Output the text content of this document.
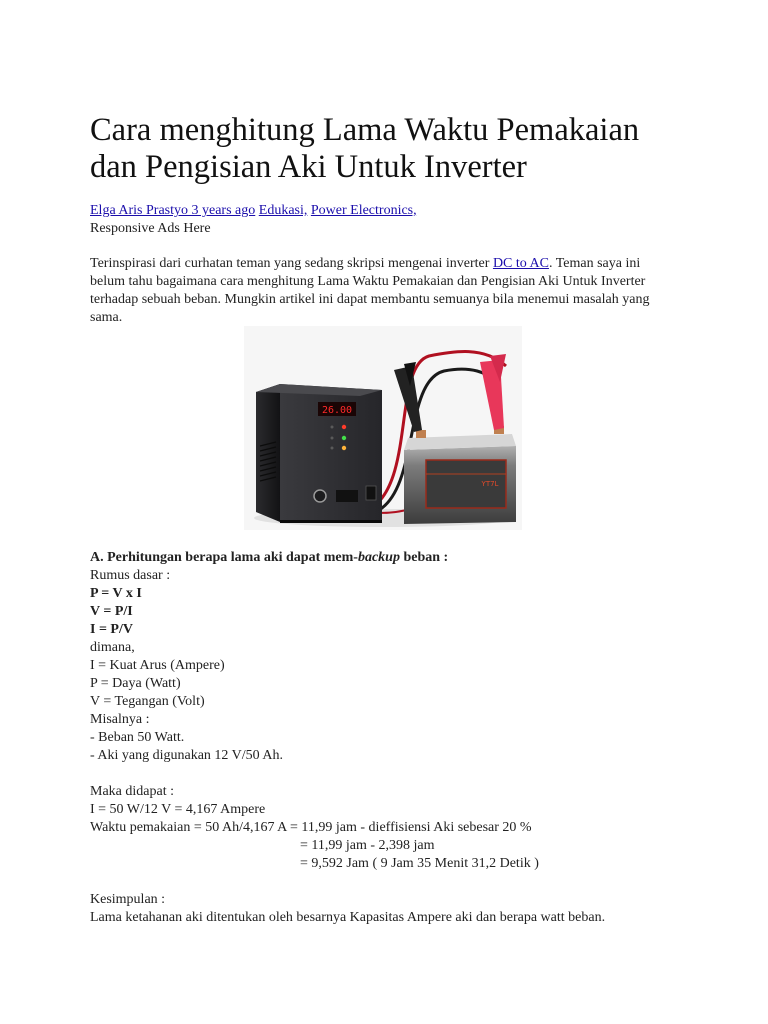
Cara menghitung Lama Waktu Pemakaian dan Pengisian Aki Untuk Inverter
Elga Aris Prastyo 3 years ago Edukasi, Power Electronics,
Responsive Ads Here
Terinspirasi dari curhatan teman yang sedang skripsi mengenai inverter DC to AC. Teman saya ini belum tahu bagaimana cara menghitung Lama Waktu Pemakaian dan Pengisian Aki Untuk Inverter terhadap sebuah beban. Mungkin artikel ini dapat membantu semuanya bila menemui masalah yang sama.
26.00
YT7L
A. Perhitungan berapa lama aki dapat mem-backup beban :
Rumus dasar :
P = V x I
V = P/I
I = P/V
dimana,
I = Kuat Arus (Ampere)
P = Daya (Watt)
V = Tegangan (Volt)
Misalnya :
- Beban 50 Watt.
- Aki yang digunakan 12 V/50 Ah.
Maka didapat :
I = 50 W/12 V = 4,167 Ampere
Waktu pemakaian = 50 Ah/4,167 A = 11,99 jam - dieffisiensi Aki sebesar 20 %
= 11,99 jam - 2,398 jam
= 9,592 Jam ( 9 Jam 35 Menit 31,2 Detik )
Kesimpulan :
Lama ketahanan aki ditentukan oleh besarnya Kapasitas Ampere aki dan berapa watt beban.
